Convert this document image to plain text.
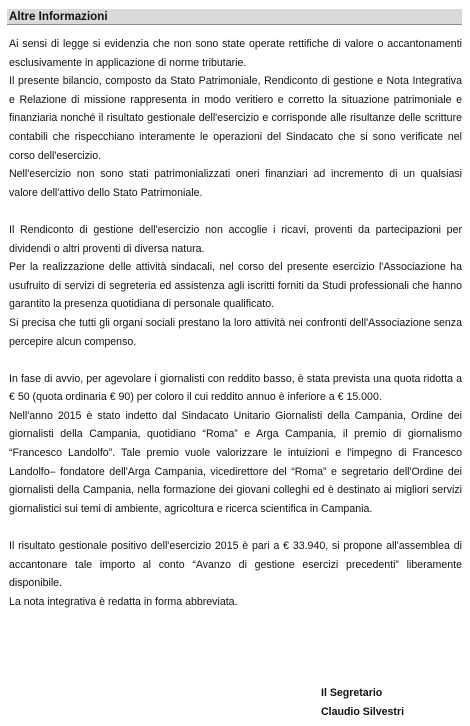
Altre Informazioni

Ai sensi di legge si evidenzia che non sono state operate rettifiche di valore o accantonamenti esclusivamente in applicazione di norme tributarie.

Il presente bilancio, composto da Stato Patrimoniale, Rendiconto di gestione e Nota Integrativa e Relazione di missione rappresenta in modo veritiero e corretto la situazione patrimoniale e finanziaria nonché il risultato gestionale dell'esercizio e corrisponde alle risultanze delle scritture contabili che rispecchiano interamente le operazioni del Sindacato che si sono verificate nel corso dell'esercizio.

Nell'esercizio non sono stati patrimonializzati oneri finanziari ad incremento di un qualsiasi valore dell'attivo dello Stato Patrimoniale.

Il Rendiconto di gestione dell'esercizio non accoglie i ricavi, proventi da partecipazioni per dividendi o altri proventi di diversa natura.

Per la realizzazione delle attività sindacali, nel corso del presente esercizio l'Associazione ha usufruito di servizi di segreteria ed assistenza agli iscritti forniti da Studi professionali che hanno garantito la presenza quotidiana di personale qualificato.

Si precisa che tutti gli organi sociali prestano la loro attività nei confronti dell'Associazione senza percepire alcun compenso.

In fase di avvio, per agevolare i giornalisti con reddito basso, è stata prevista una quota ridotta a € 50 (quota ordinaria € 90) per coloro il cui reddito annuo è inferiore a € 15.000.

Nell'anno 2015 è stato indetto dal Sindacato Unitario Giornalisti della Campania, Ordine dei giornalisti della Campania, quotidiano “Roma” e Arga Campania, il premio di giornalismo “Francesco Landolfo”. Tale premio vuole valorizzare le intuizioni e l'impegno di Francesco Landolfo– fondatore dell'Arga Campania, vicedirettore del “Roma” e segretario dell'Ordine dei giornalisti della Campania, nella formazione dei giovani colleghi ed è destinato ai migliori servizi giornalistici sui temi di ambiente, agricoltura e ricerca scientifica in Campania.

Il risultato gestionale positivo dell'esercizio 2015 è pari a € 33.940, si propone all'assemblea di accantonare tale importo al conto “Avanzo di gestione esercizi precedenti” liberamente disponibile.

La nota integrativa è redatta in forma abbreviata.

Il Segretario
Claudio Silvestri
